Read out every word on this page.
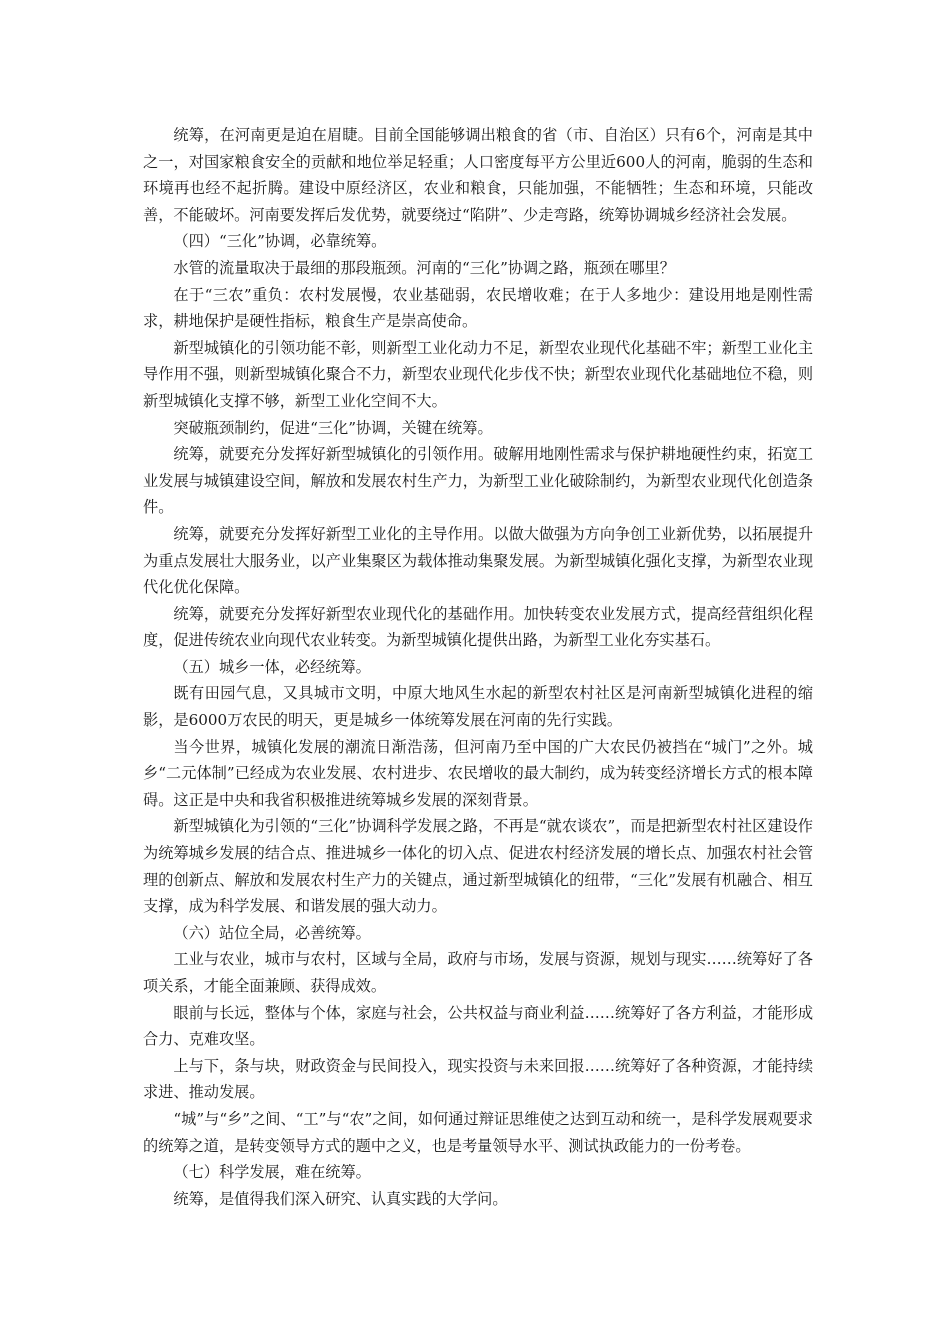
统筹，在河南更是迫在眉睫。目前全国能够调出粮食的省（市、自治区）只有6个，河南是其中之一，对国家粮食安全的贡献和地位举足轻重；人口密度每平方公里近600人的河南，脆弱的生态和环境再也经不起折腾。建设中原经济区，农业和粮食，只能加强，不能牺牲；生态和环境，只能改善，不能破坏。河南要发挥后发优势，就要绕过“陷阱”、少走弯路，统筹协调城乡经济社会发展。

（四）“三化”协调，必靠统筹。

水管的流量取决于最细的那段瓶颈。河南的“三化”协调之路，瓶颈在哪里？

在于“三农”重负：农村发展慢，农业基础弱，农民增收难；在于人多地少：建设用地是刚性需求，耕地保护是硬性指标，粮食生产是崇高使命。

新型城镇化的引领功能不彰，则新型工业化动力不足，新型农业现代化基础不牢；新型工业化主导作用不强，则新型城镇化聚合不力，新型农业现代化步伐不快；新型农业现代化基础地位不稳，则新型城镇化支撑不够，新型工业化空间不大。

突破瓶颈制约，促进“三化”协调，关键在统筹。

统筹，就要充分发挥好新型城镇化的引领作用。破解用地刚性需求与保护耕地硬性约束，拓宽工业发展与城镇建设空间，解放和发展农村生产力，为新型工业化破除制约，为新型农业现代化创造条件。

统筹，就要充分发挥好新型工业化的主导作用。以做大做强为方向争创工业新优势，以拓展提升为重点发展壮大服务业，以产业集聚区为载体推动集聚发展。为新型城镇化强化支撑，为新型农业现代化优化保障。

统筹，就要充分发挥好新型农业现代化的基础作用。加快转变农业发展方式，提高经营组织化程度，促进传统农业向现代农业转变。为新型城镇化提供出路，为新型工业化夯实基石。

（五）城乡一体，必经统筹。

既有田园气息，又具城市文明，中原大地风生水起的新型农村社区是河南新型城镇化进程的缩影，是6000万农民的明天，更是城乡一体统筹发展在河南的先行实践。

当今世界，城镇化发展的潮流日渐浩荡，但河南乃至中国的广大农民仍被挡在“城门”之外。城乡“二元体制”已经成为农业发展、农村进步、农民增收的最大制约，成为转变经济增长方式的根本障碍。这正是中央和我省积极推进统筹城乡发展的深刻背景。

新型城镇化为引领的“三化”协调科学发展之路，不再是“就农谈农”，而是把新型农村社区建设作为统筹城乡发展的结合点、推进城乡一体化的切入点、促进农村经济发展的增长点、加强农村社会管理的创新点、解放和发展农村生产力的关键点，通过新型城镇化的纽带，“三化”发展有机融合、相互支撑，成为科学发展、和谐发展的强大动力。

（六）站位全局，必善统筹。

工业与农业，城市与农村，区域与全局，政府与市场，发展与资源，规划与现实……统筹好了各项关系，才能全面兼顾、获得成效。

眼前与长远，整体与个体，家庭与社会，公共权益与商业利益……统筹好了各方利益，才能形成合力、克难攻坚。

上与下，条与块，财政资金与民间投入，现实投资与未来回报……统筹好了各种资源，才能持续求进、推动发展。

“城”与“乡”之间、“工”与“农”之间，如何通过辩证思维使之达到互动和统一，是科学发展观要求的统筹之道，是转变领导方式的题中之义，也是考量领导水平、测试执政能力的一份考卷。

（七）科学发展，难在统筹。

统筹，是值得我们深入研究、认真实践的大学问。
